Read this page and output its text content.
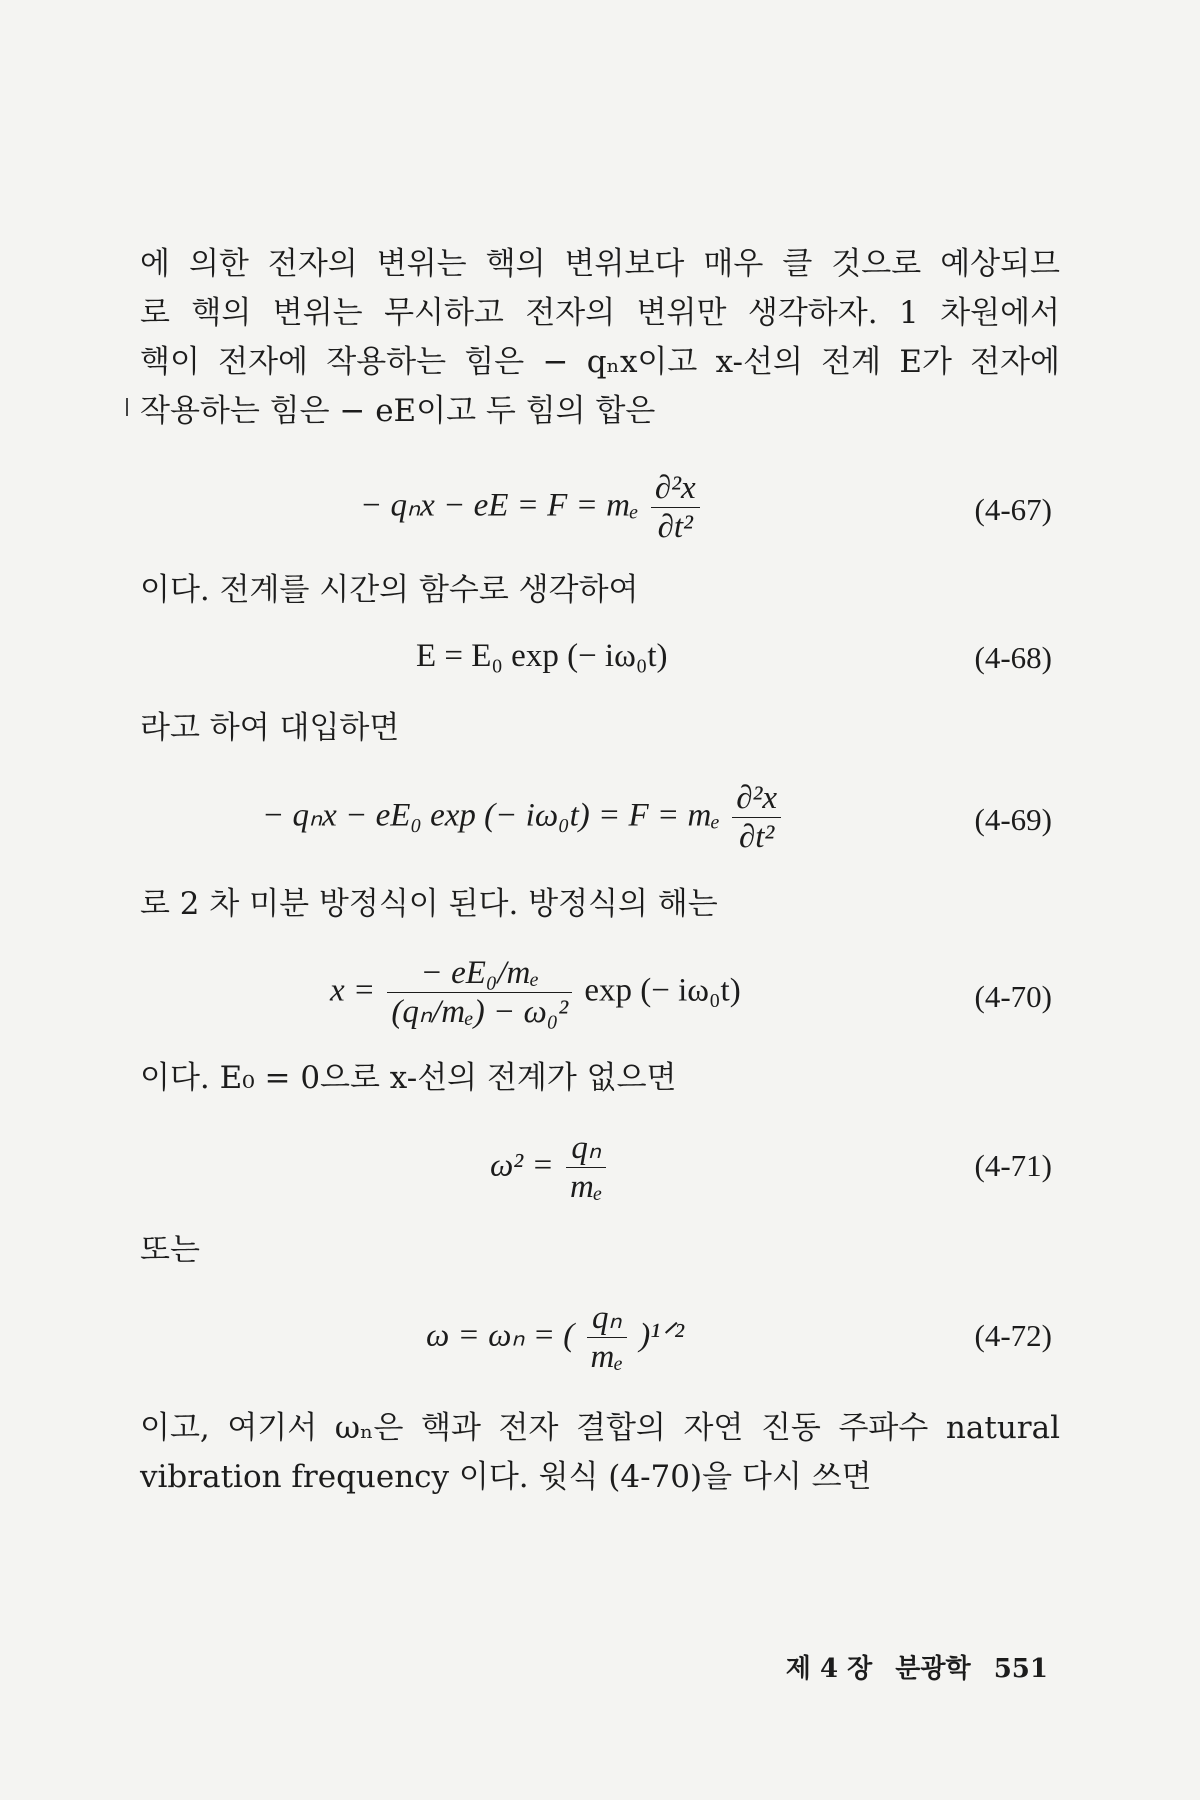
에 의한 전자의 변위는 핵의 변위보다 매우 클 것으로 예상되므
로 핵의 변위는 무시하고 전자의 변위만 생각하자. 1 차원에서
핵이 전자에 작용하는 힘은 − qₙx이고 x-선의 전계 E가 전자에
작용하는 힘은 − eE이고 두 힘의 합은
− qₙx − eE = F = mₑ $\frac{\text{∂²x}}{\text{∂t²}}$	(4-67)
이다. 전계를 시간의 함수로 생각하여
E = E₀ exp (− iω₀t)	(4-68)
라고 하여 대입하면
− qₙx − eE₀ exp (− iω₀t) = F = mₑ $\frac{\text{∂²x}}{\text{∂t²}}$	(4-69)
로 2 차 미분 방정식이 된다. 방정식의 해는
$x = \frac{\text{− eE₀/mₑ}}{\text{(qₙ/mₑ) − ω₀²}}$ exp (− iω₀t)	(4-70)
이다. E₀ = 0으로 x-선의 전계가 없으면
$\omega^2 = \frac{\text{qₙ}}{\text{mₑ}}$	(4-71)
또는
ω = ωₙ = ( $\frac{\text{qₙ}}{\text{mₑ}}$ )¹ᐟ²	(4-72)
이고, 여기서 ωₙ은 핵과 전자 결합의 자연 진동 주파수 natural
vibration frequency 이다. 윗식 (4-70)을 다시 쓰면
제 4 장 분광학 551
